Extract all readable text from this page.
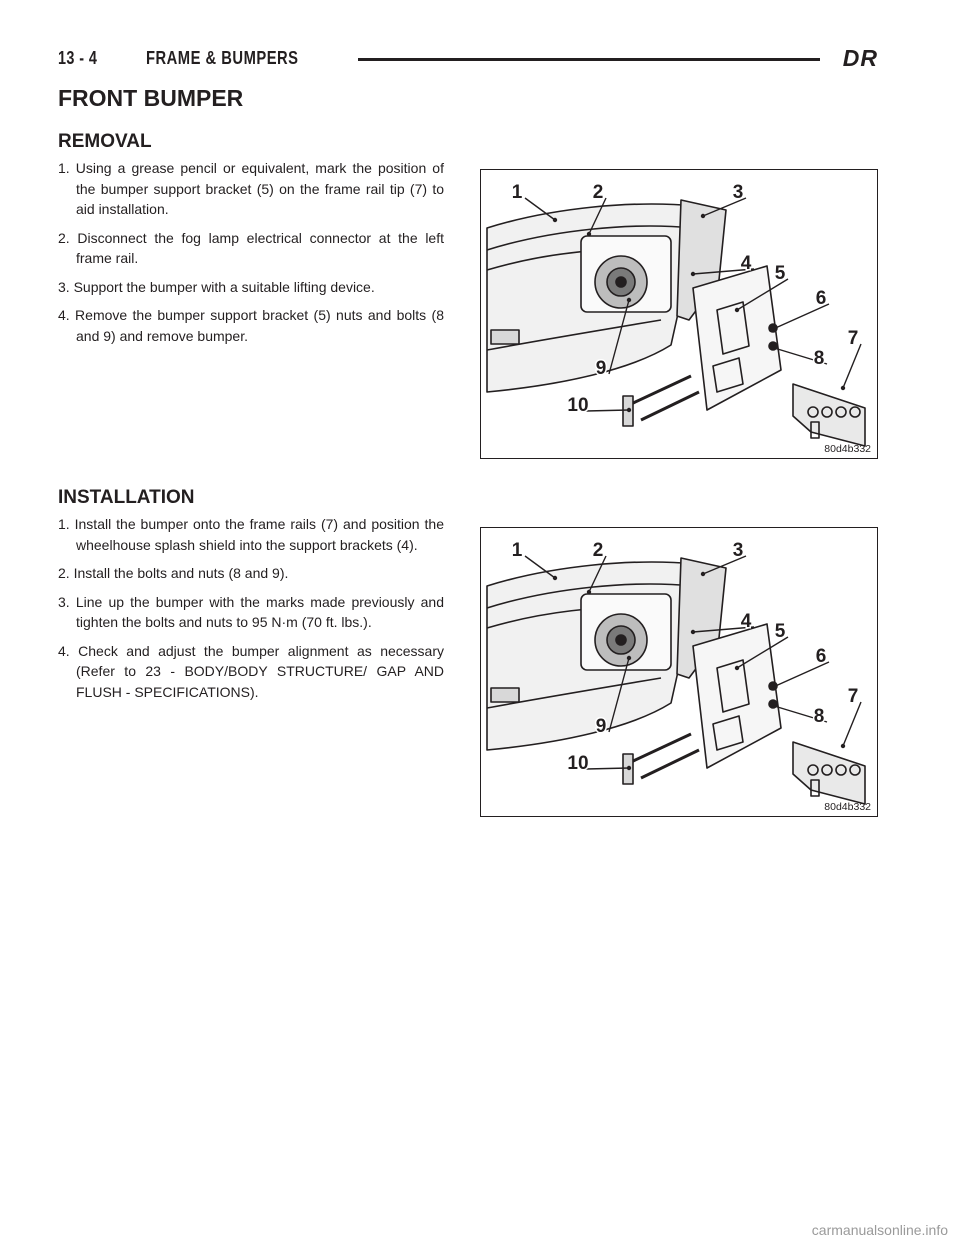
13 - 4	FRAME & BUMPERS	DR
FRONT BUMPER
REMOVAL
1. Using a grease pencil or equivalent, mark the position of the bumper support bracket (5) on the frame rail tip (7) to aid installation.
2. Disconnect the fog lamp electrical connector at the left frame rail.
3. Support the bumper with a suitable lifting device.
4. Remove the bumper support bracket (5) nuts and bolts (8 and 9) and remove bumper.
INSTALLATION
1. Install the bumper onto the frame rails (7) and position the wheelhouse splash shield into the support brackets (4).
2. Install the bolts and nuts (8 and 9).
3. Line up the bumper with the marks made previously and tighten the bolts and nuts to 95 N·m (70 ft. lbs.).
4. Check and adjust the bumper alignment as necessary (Refer to 23 - BODY/BODY STRUCTURE/ GAP AND FLUSH - SPECIFICATIONS).
1	2	3
4 5
6
7
8
9
10
80d4b332
1	2	3
4 5
6
7
8
9
10
80d4b332
carmanualsonline.info
